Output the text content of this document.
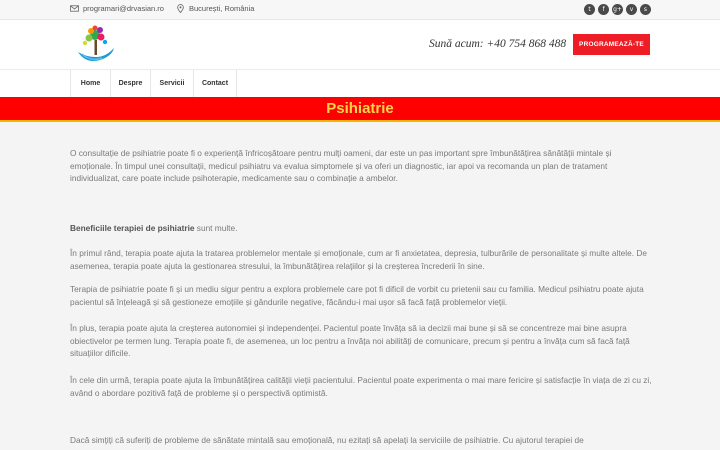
programari@drvasian.ro	București, România	t	f	g+	v	s
Sună acum: +40 754 868 488	PROGRAMEAZĂ-TE
Home	Despre	Servicii	Contact
Psihiatrie

O consultație de psihiatrie poate fi o experiență înfricoșătoare pentru mulți oameni, dar este un pas important spre îmbunătățirea sănătății mintale și emoționale. În timpul unei consultații, medicul psihiatru va evalua simptomele și va oferi un diagnostic, iar apoi va recomanda un plan de tratament individualizat, care poate include psihoterapie, medicamente sau o combinație a ambelor.

Beneficiile terapiei de psihiatrie sunt multe.

În primul rând, terapia poate ajuta la tratarea problemelor mentale și emoționale, cum ar fi anxietatea, depresia, tulburările de personalitate și multe altele. De asemenea, terapia poate ajuta la gestionarea stresului, la îmbunătățirea relațiilor și la creșterea încrederii în sine.

Terapia de psihiatrie poate fi și un mediu sigur pentru a explora problemele care pot fi dificil de vorbit cu prietenii sau cu familia. Medicul psihiatru poate ajuta pacientul să înțeleagă și să gestioneze emoțiile și gândurile negative, făcându-i mai ușor să facă față problemelor vieții.

În plus, terapia poate ajuta la creșterea autonomiei și independenței. Pacientul poate învăța să ia decizii mai bune și să se concentreze mai bine asupra obiectivelor pe termen lung. Terapia poate fi, de asemenea, un loc pentru a învăța noi abilități de comunicare, precum și pentru a învăța cum să facă față situațiilor dificile.

În cele din urmă, terapia poate ajuta la îmbunătățirea calității vieții pacientului. Pacientul poate experimenta o mai mare fericire și satisfacție în viața de zi cu zi, având o abordare pozitivă față de probleme și o perspectivă optimistă.

Dacă simțiți că suferiți de probleme de sănătate mintală sau emoțională, nu ezitați să apelați la serviciile de psihiatrie. Cu ajutorul terapiei de
